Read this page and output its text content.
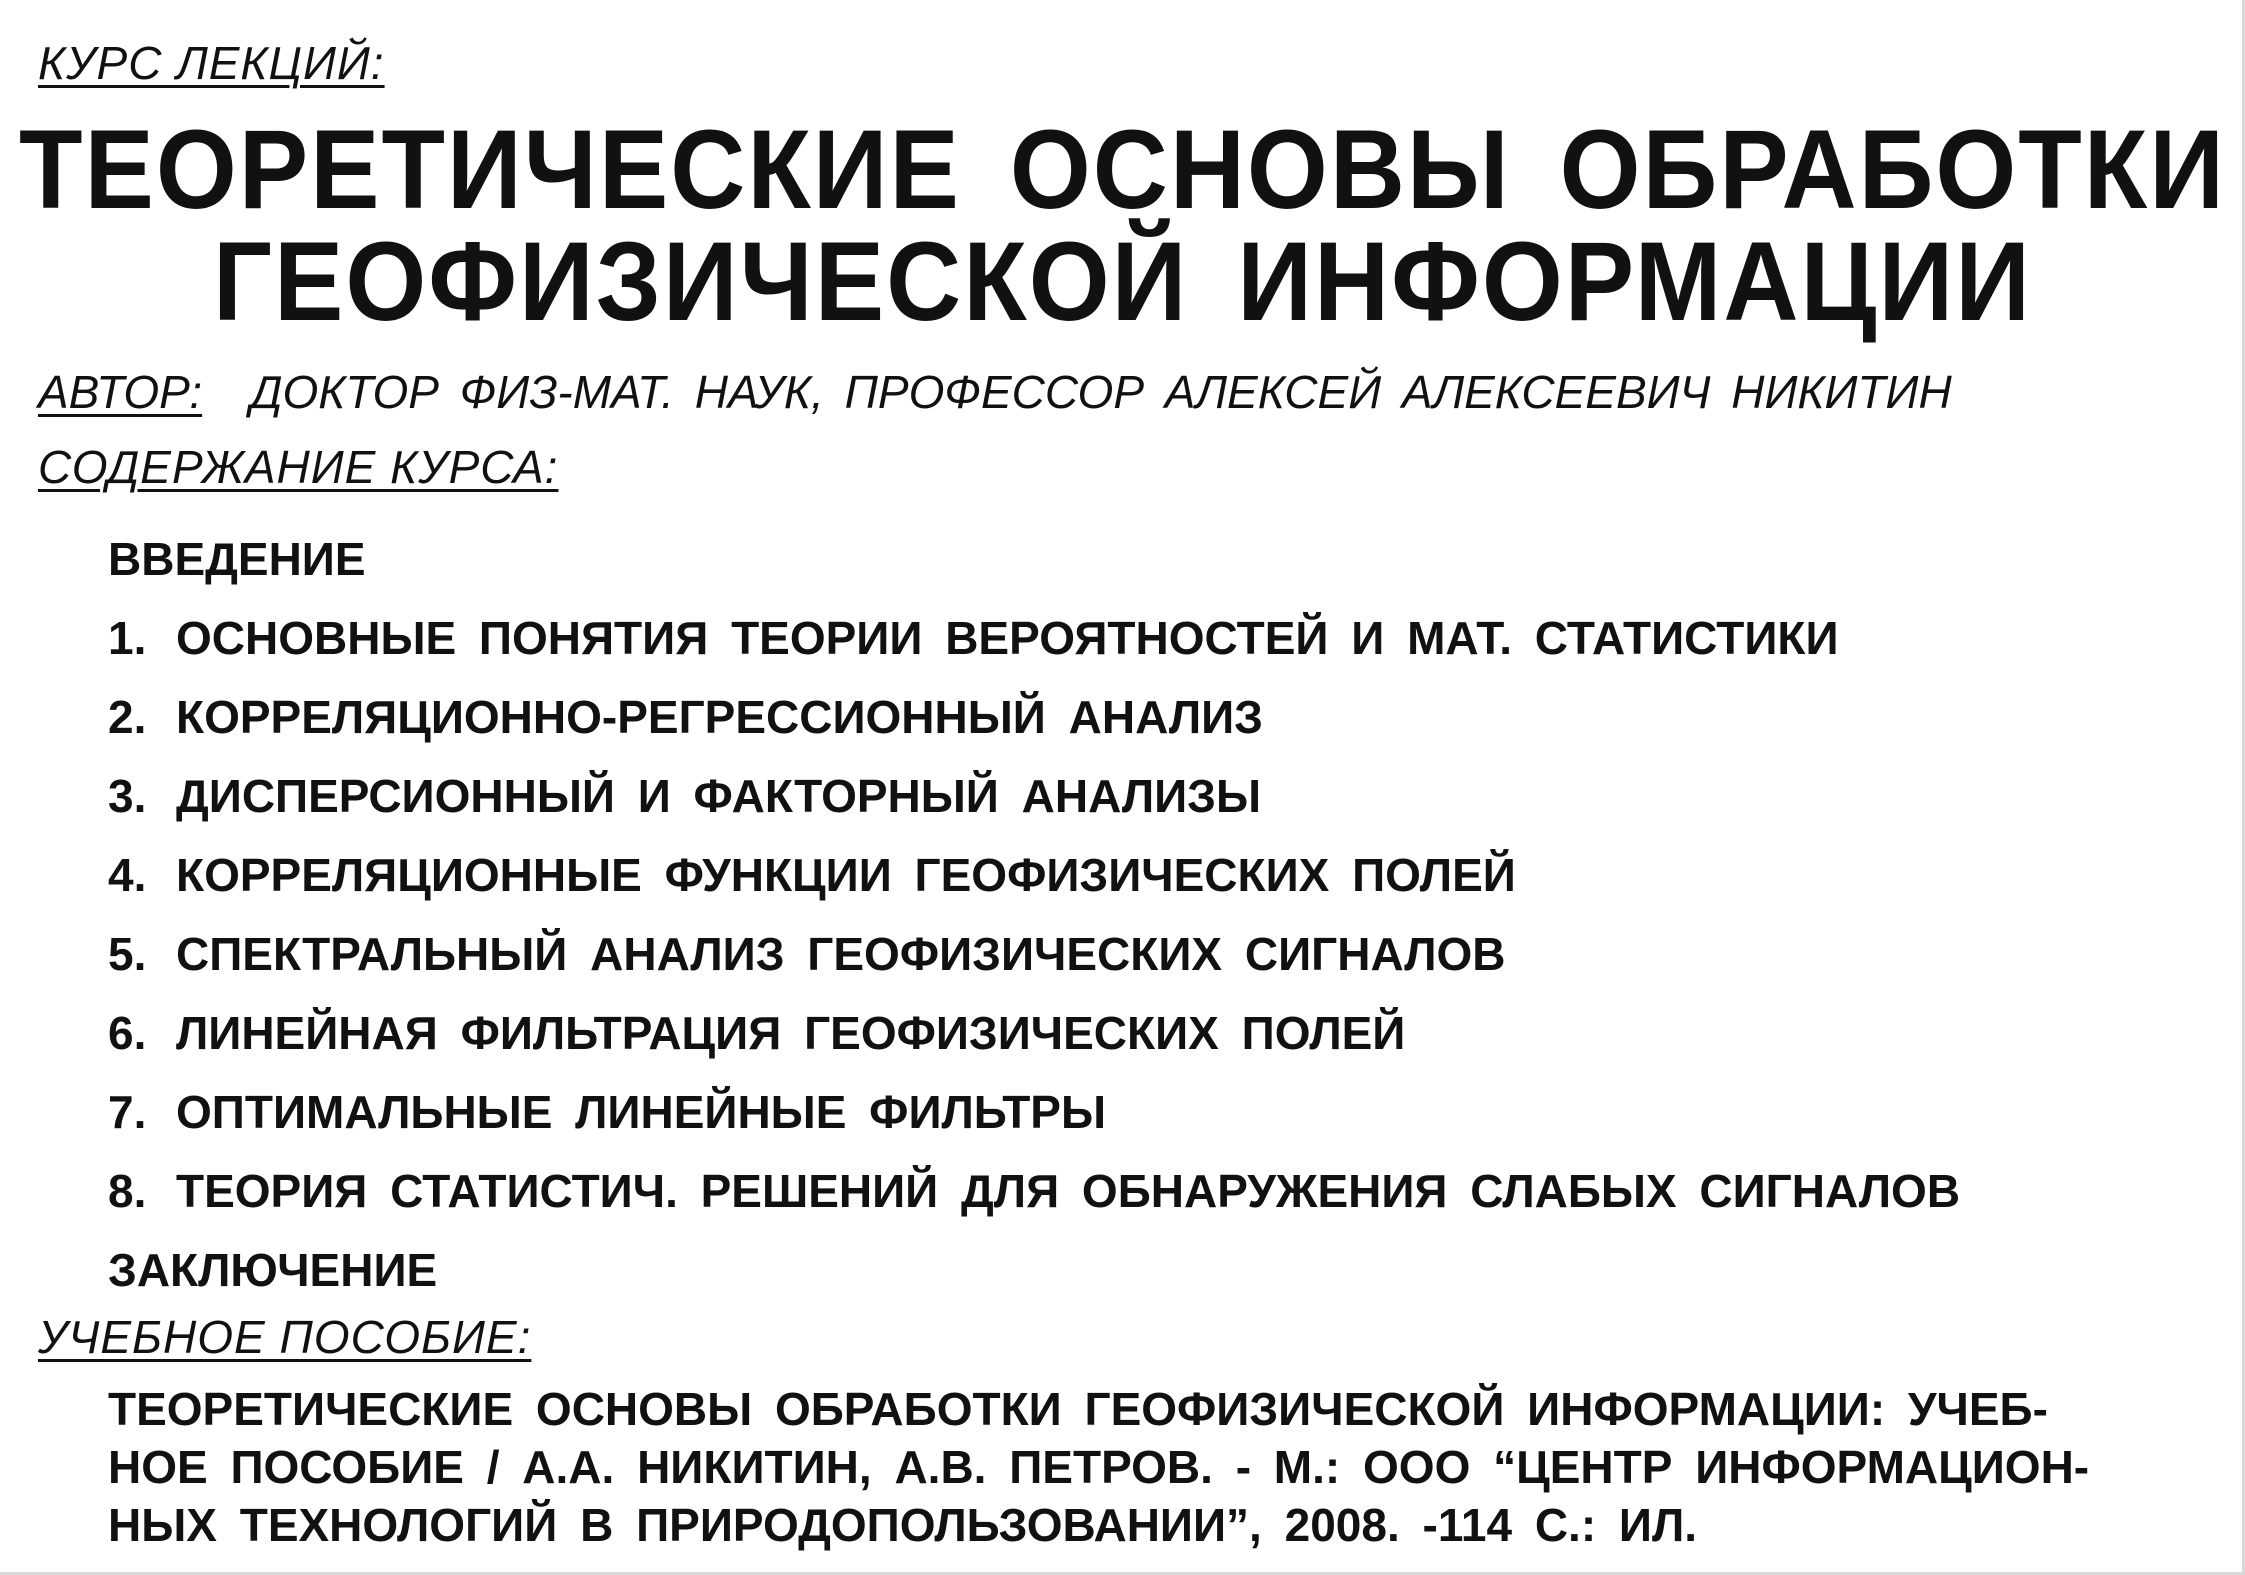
КУРС ЛЕКЦИЙ:
ТЕОРЕТИЧЕСКИЕ ОСНОВЫ ОБРАБОТКИ
ГЕОФИЗИЧЕСКОЙ ИНФОРМАЦИИ
АВТОР: ДОКТОР ФИЗ-МАТ. НАУК, ПРОФЕССОР АЛЕКСЕЙ АЛЕКСЕЕВИЧ НИКИТИН
СОДЕРЖАНИЕ КУРСА:
ВВЕДЕНИЕ
1. ОСНОВНЫЕ ПОНЯТИЯ ТЕОРИИ ВЕРОЯТНОСТЕЙ И МАТ. СТАТИСТИКИ
2. КОРРЕЛЯЦИОННО-РЕГРЕССИОННЫЙ АНАЛИЗ
3. ДИСПЕРСИОННЫЙ И ФАКТОРНЫЙ АНАЛИЗЫ
4. КОРРЕЛЯЦИОННЫЕ ФУНКЦИИ ГЕОФИЗИЧЕСКИХ ПОЛЕЙ
5. СПЕКТРАЛЬНЫЙ АНАЛИЗ ГЕОФИЗИЧЕСКИХ СИГНАЛОВ
6. ЛИНЕЙНАЯ ФИЛЬТРАЦИЯ ГЕОФИЗИЧЕСКИХ ПОЛЕЙ
7. ОПТИМАЛЬНЫЕ ЛИНЕЙНЫЕ ФИЛЬТРЫ
8. ТЕОРИЯ СТАТИСТИЧ. РЕШЕНИЙ ДЛЯ ОБНАРУЖЕНИЯ СЛАБЫХ СИГНАЛОВ
ЗАКЛЮЧЕНИЕ
УЧЕБНОЕ ПОСОБИЕ:
ТЕОРЕТИЧЕСКИЕ ОСНОВЫ ОБРАБОТКИ ГЕОФИЗИЧЕСКОЙ ИНФОРМАЦИИ: УЧЕБ-
НОЕ ПОСОБИЕ / А.А. НИКИТИН, А.В. ПЕТРОВ. - М.: ООО “ЦЕНТР ИНФОРМАЦИОН-
НЫХ ТЕХНОЛОГИЙ В ПРИРОДОПОЛЬЗОВАНИИ”, 2008. -114 С.: ИЛ.
